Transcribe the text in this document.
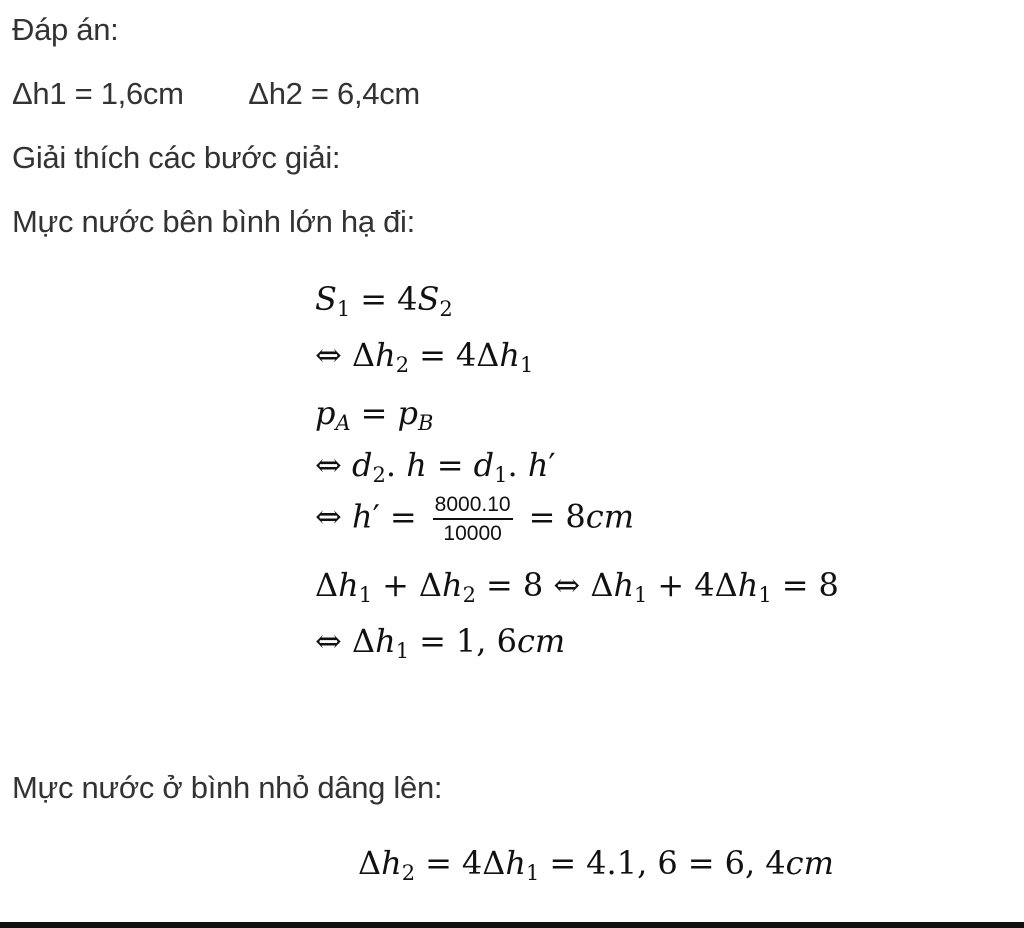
Đáp án:
Δh1 = 1,6cm Δh2 = 6,4cm
Giải thích các bước giải:
Mực nước bên bình lớn hạ đi:
$S_1 = 4S_2$
⇔ $\Delta h_2 = 4\Delta h_1$
$p_A = p_B$
⇔ $d_2$. $h = d_1$. h′
⇔ $h' = \frac{8000.10}{10000} = 8cm$
$\Delta h_1 + \Delta h_2 = 8$ ⇔ $\Delta h_1 + 4\Delta h_1 = 8$
⇔ $\Delta h_1 = 1$, 6cm
Mực nước ở bình nhỏ dâng lên:
$\Delta h_2 = 4\Delta h_1 = 4.1$, 6 = 6, 4cm
